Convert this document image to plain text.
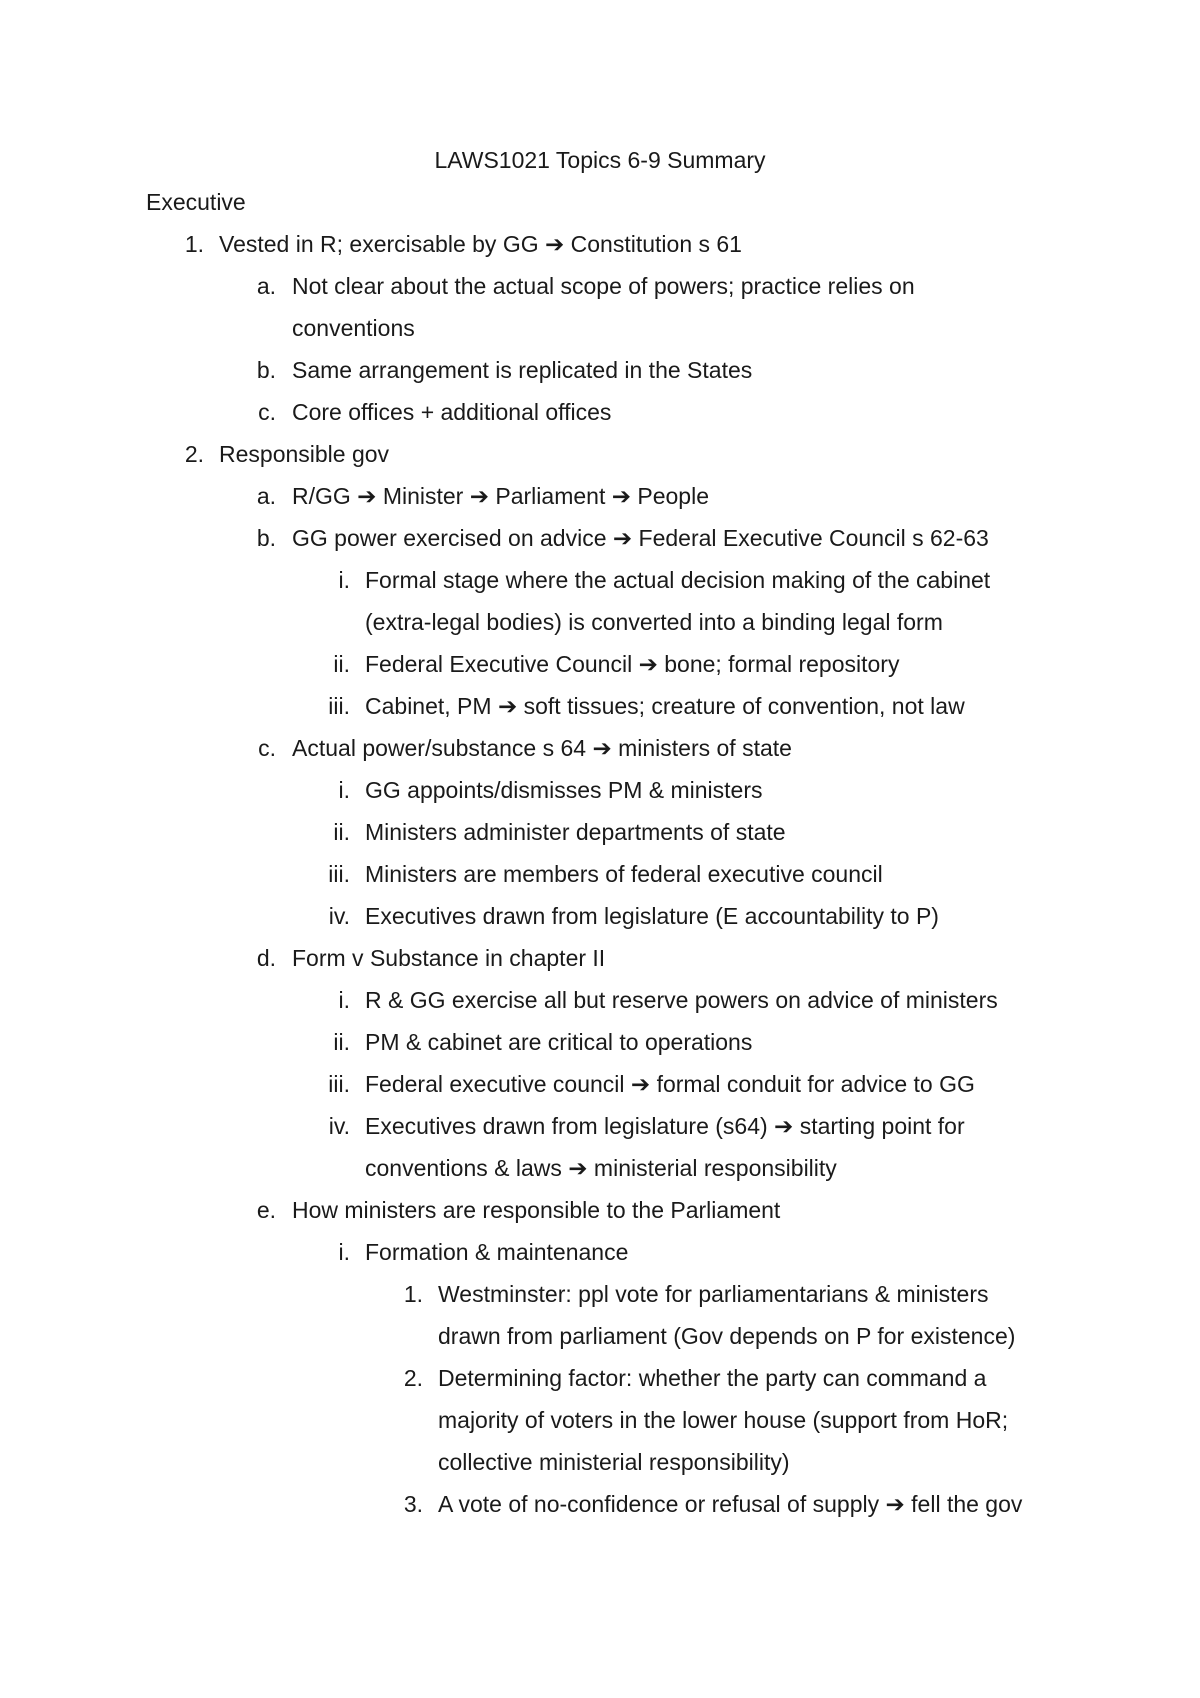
LAWS1021 Topics 6-9 Summary
Executive
1. Vested in R; exercisable by GG ➔ Constitution s 61
a. Not clear about the actual scope of powers; practice relies on
conventions
b. Same arrangement is replicated in the States
c. Core offices + additional offices
2. Responsible gov
a. R/GG ➔ Minister ➔ Parliament ➔ People
b. GG power exercised on advice ➔ Federal Executive Council s 62-63
i. Formal stage where the actual decision making of the cabinet
(extra-legal bodies) is converted into a binding legal form
ii. Federal Executive Council ➔ bone; formal repository
iii. Cabinet, PM ➔ soft tissues; creature of convention, not law
c. Actual power/substance s 64 ➔ ministers of state
i. GG appoints/dismisses PM & ministers
ii. Ministers administer departments of state
iii. Ministers are members of federal executive council
iv. Executives drawn from legislature (E accountability to P)
d. Form v Substance in chapter II
i. R & GG exercise all but reserve powers on advice of ministers
ii. PM & cabinet are critical to operations
iii. Federal executive council ➔ formal conduit for advice to GG
iv. Executives drawn from legislature (s64) ➔ starting point for
conventions & laws ➔ ministerial responsibility
e. How ministers are responsible to the Parliament
i. Formation & maintenance
1. Westminster: ppl vote for parliamentarians & ministers
drawn from parliament (Gov depends on P for existence)
2. Determining factor: whether the party can command a
majority of voters in the lower house (support from HoR;
collective ministerial responsibility)
3. A vote of no-confidence or refusal of supply ➔ fell the gov
